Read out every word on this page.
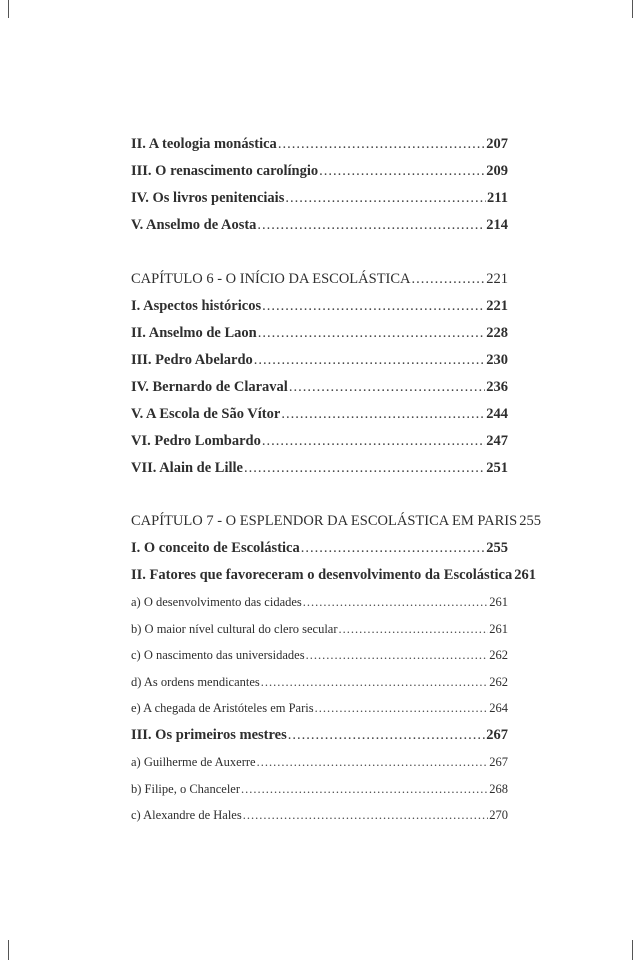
II. A teologia monástica .....	207
III. O renascimento carolíngio .....	209
IV. Os livros penitenciais .....	211
V. Anselmo de Aosta .....	214
CAPÍTULO 6 - O INÍCIO DA ESCOLÁSTICA .....	221
I. Aspectos históricos .....	221
II. Anselmo de Laon .....	228
III. Pedro Abelardo .....	230
IV. Bernardo de Claraval .....	236
V. A Escola de São Vítor .....	244
VI. Pedro Lombardo .....	247
VII. Alain de Lille .....	251
CAPÍTULO 7 - O ESPLENDOR DA ESCOLÁSTICA EM PARIS 255
I. O conceito de Escolástica .....	255
II. Fatores que favoreceram o desenvolvimento da Escolástica 261
a) O desenvolvimento das cidades .....	261
b) O maior nível cultural do clero secular .....	261
c) O nascimento das universidades .....	262
d) As ordens mendicantes .....	262
e) A chegada de Aristóteles em Paris .....	264
III. Os primeiros mestres .....	267
a) Guilherme de Auxerre .....	267
b) Filipe, o Chanceler .....	268
c) Alexandre de Hales .....	270
